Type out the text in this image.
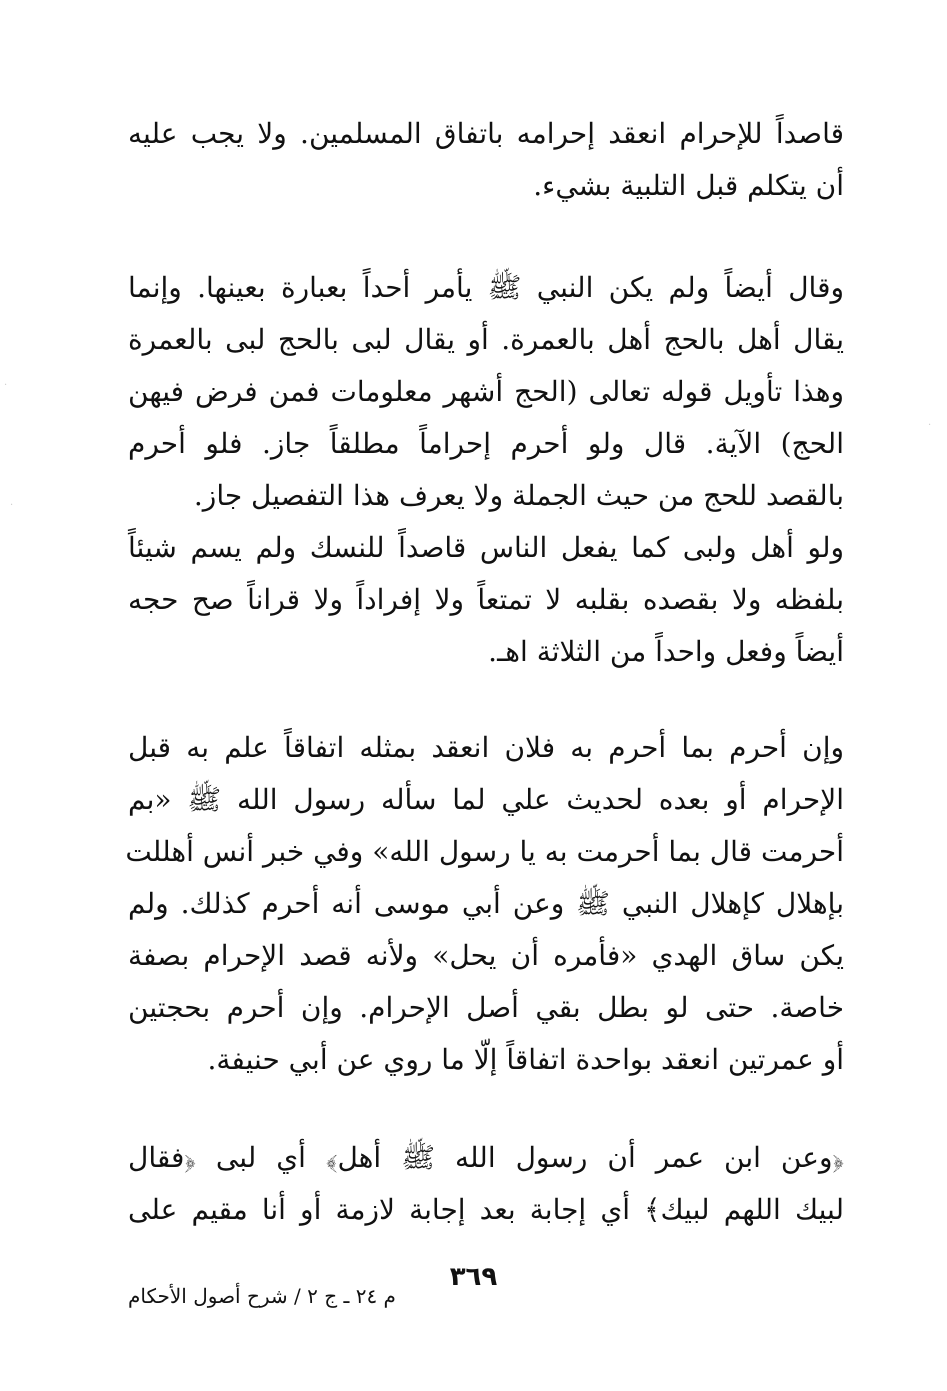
قاصداً للإحرام انعقد إحرامه باتفاق المسلمين. ولا يجب عليه
أن يتكلم قبل التلبية بشيء.
وقال أيضاً ولم يكن النبي ﷺ يأمر أحداً بعبارة بعينها. وإنما
يقال أهل بالحج أهل بالعمرة. أو يقال لبى بالحج لبى بالعمرة
وهذا تأويل قوله تعالى (الحج أشهر معلومات فمن فرض فيهن
الحج) الآية. قال ولو أحرم إحراماً مطلقاً جاز. فلو أحرم
بالقصد للحج من حيث الجملة ولا يعرف هذا التفصيل جاز.
ولو أهل ولبى كما يفعل الناس قاصداً للنسك ولم يسم شيئاً
بلفظه ولا بقصده بقلبه لا تمتعاً ولا إفراداً ولا قراناً صح حجه
أيضاً وفعل واحداً من الثلاثة اهـ.
وإن أحرم بما أحرم به فلان انعقد بمثله اتفاقاً علم به قبل
الإحرام أو بعده لحديث علي لما سأله رسول الله ﷺ «بم
أحرمت قال بما أحرمت به يا رسول الله» وفي خبر أنس أهللت
بإهلال كإهلال النبي ﷺ وعن أبي موسى أنه أحرم كذلك. ولم
يكن ساق الهدي «فأمره أن يحل» ولأنه قصد الإحرام بصفة
خاصة. حتى لو بطل بقي أصل الإحرام. وإن أحرم بحجتين
أو عمرتين انعقد بواحدة اتفاقاً إلّا ما روي عن أبي حنيفة.
﴿وعن ابن عمر أن رسول الله ﷺ أهل﴾ أي لبى ﴿فقال
لبيك اللهم لبيك﴾ أي إجابة بعد إجابة لازمة أو أنا مقيم على
٣٦٩
م ٢٤ ـ ج ٢ / شرح أصول الأحكام
·
·
·
